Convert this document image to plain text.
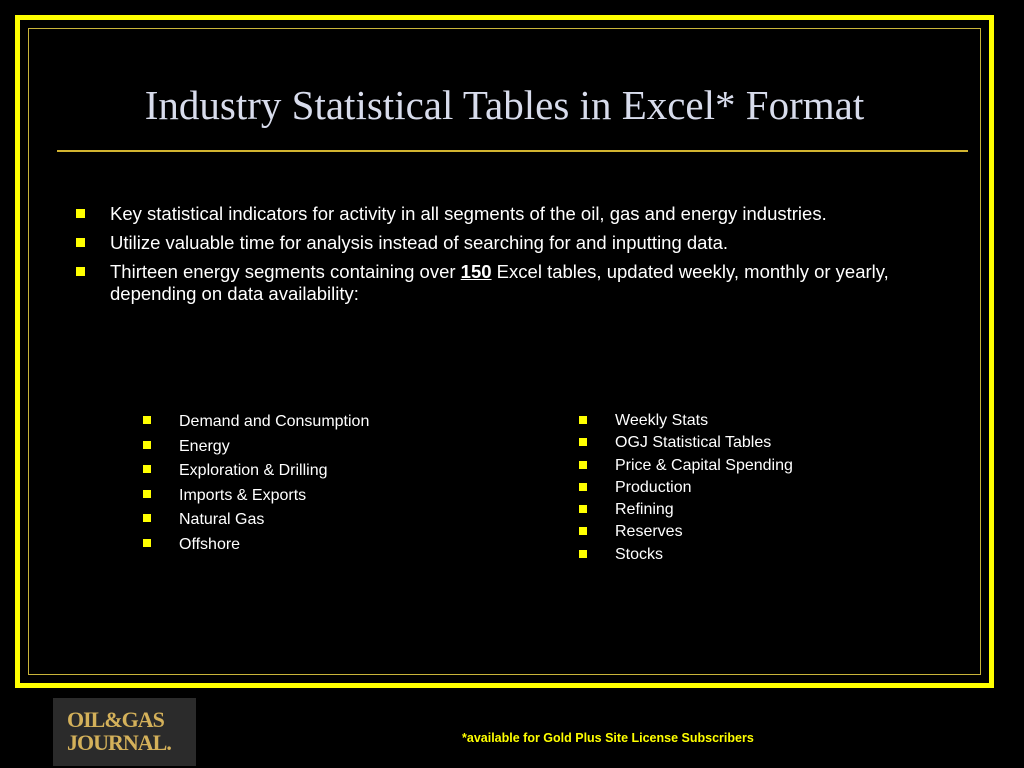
Industry Statistical Tables in Excel* Format
Key statistical indicators for activity in all segments of the oil, gas and energy industries.
Utilize valuable time for analysis instead of searching for and inputting data.
Thirteen energy segments containing over 150 Excel tables, updated weekly, monthly or yearly, depending on data availability:
Demand and Consumption
Energy
Exploration & Drilling
Imports & Exports
Natural Gas
Offshore
Weekly Stats
OGJ Statistical Tables
Price & Capital Spending
Production
Refining
Reserves
Stocks
OIL&GAS
JOURNAL.	*available for Gold Plus Site License Subscribers
